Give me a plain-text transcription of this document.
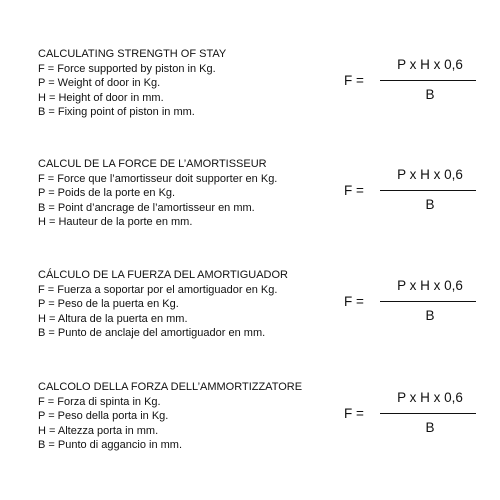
CALCULATING STRENGTH OF STAY
F = Force supported by piston in Kg.
P = Weight of door in Kg.
H = Height of door in mm.
B = Fixing point of piston in mm.
F =
P x H x 0,6
B
CALCUL DE LA FORCE DE L’AMORTISSEUR
F = Force que l’amortisseur doit supporter en Kg.
P = Poids de la porte en Kg.
B = Point d’ancrage de l’amortisseur en mm.
H = Hauteur de la porte en mm.
F =
P x H x 0,6
B
CÁLCULO DE LA FUERZA DEL AMORTIGUADOR
F = Fuerza a soportar por el amortiguador en Kg.
P = Peso de la puerta en Kg.
H = Altura de la puerta en mm.
B = Punto de anclaje del amortiguador en mm.
F =
P x H x 0,6
B
CALCOLO DELLA FORZA DELL’AMMORTIZZATORE
F = Forza di spinta in Kg.
P = Peso della porta in Kg.
H = Altezza porta in mm.
B = Punto di aggancio in mm.
F =
P x H x 0,6
B
